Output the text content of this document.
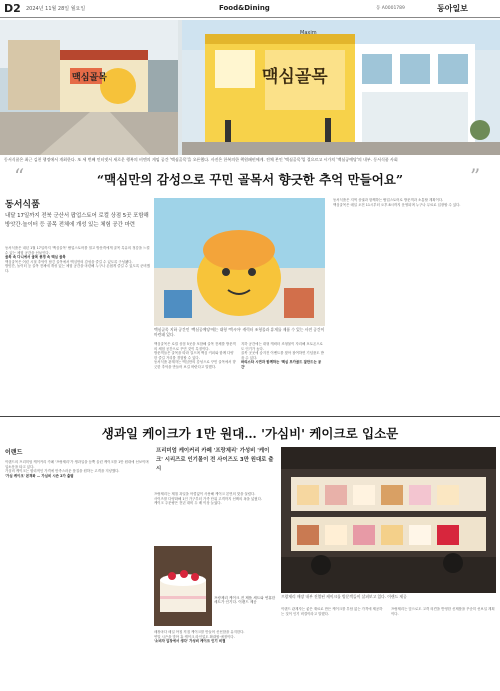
D2 2024년 11월 28일 월요일	Food&Dining	동 A0001789	동아일보
Maxim
맥심골목	맥심골목
동서식품은 최근 김천 행정에서 개최한다. 또 세 번째 인터넷서 새로운 행복의 비엔의 게임 공간 '맥심골목'을 오픈했다. 사진은 한복의한 핵원패펀에게. 전체 본인 '맥심골목'입 절으르고 시가치 '맥심공예당'의 내부. 동서식품 사회
“	“맥심만의 감성으로 꾸민 골목서 향긋한 추억 만들어요”	”
동서식품
내달 17일까지 전북 군산서 팝업스토어 로컬 상점 5곳 포함해 방앗간·놀이터 등 골목 전체에 개성 있는 체험 공간 마련
동서식품은 내년 1월 17일까지 '맥심골목' 팝업스토어를 열고 방문객에게 골목 특유의 정감을 느낄 수 있는 체험 공간을 선보인다.
골목 속 다니에서 골목 풍경 속 맥심 골목
맥심골목은 어린 시절 추억이 담긴 골목에서 맥심만의 감성을 즐길 수 있도록 구성됐다.
방앗간, 놀이터 등 골목 전체에 개성 있는 체험 공간을 마련해 누구나 손쉽게 즐길 수 있도록 준비했다.
맥심골목 지하 공간인 '맥심공예당'에는 대형 '맥시아' 캐릭터 조형물과 휴게를 제품 수 있는 사전 공간이 마련돼 있다.
맥심골목은 로컬 상점 5곳을 포함해 골목 전체를 방문객의 체험 공간으로 꾸민 것이 특징이다.
방문객들은 골목을 따라 걸으며 맥심 커피와 함께 다양한 즐길 거리를 경험할 수 있다.
동서식품 관계자는 맥심만의 감성으로 꾸민 골목에서 향긋한 추억을 만들어 보길 바란다고 말했다.
지하 공간에는 대형 캐릭터 조형물이 자리해 포토존으로도 인기가 높다.
골목 곳곳에 숨겨진 이벤트를 찾아 참여하면 기념품도 받을 수 있다.
바리스타 시연과 함께하는 '맥심 모카골드 잘만드는 공간'
동서식품은 지역 상권과 함께하는 팝업스토어로 방문객과 소통할 계획이다.
맥심골목은 매일 오전 11시부터 오후 8시까지 운영되며 누구나 무료로 입장할 수 있다.
생과일 케이크가 1만 원대… '가심비' 케이크로 입소문
이랜드
이랜드의 프리미엄 케이커리 카페 '프랑제리'가 생과일을 듬뿍 올린 케이크를 1만 원대에 선보이며 입소문을 타고 있다.
가심비 케이크는 합리적인 가격에 만족스러운 품질을 원하는 고객을 겨냥했다.
'가심 케이크' 본격화 … 가심비 시즌 2가 출범
프리미엄 케이커리 카페 '프랑제리' 가성비 '케이크' 시리즈로 인기몰이 전 사이즈도 3만 원대로 출시
프랑제리는 제철 과일을 아낌없이 사용해 케이크 본연의 맛을 살렸다.
사이즈를 다양화해 1인 가구부터 가족 단위 고객까지 선택의 폭을 넓혔다.
케이크 주문량은 전년 대비 두 배 이상 늘었다.
프랑제리 케이크 전 제품 세트와 연휴한 세트가 인기다. 이랜드 제공
매장마다 매일 아침 직접 케이크를 만들어 신선함을 유지한다.
연말 시즌을 맞아 홀 케이크 라인업도 확대할 예정이다.
'소비자 입장에서 생각' 가성비 케이크 인기 비결
프랑제리 매장 내부 진열된 케이크를 방문객들이 살펴보고 있다. 이랜드 제공
이랜드 관계자는 좋은 재료로 만든 케이크를 부담 없는 가격에 제공하는 것이 인기 비결이라고 말했다.
프랑제리는 앞으로도 고객 의견을 반영한 신제품을 꾸준히 선보일 계획이다.
